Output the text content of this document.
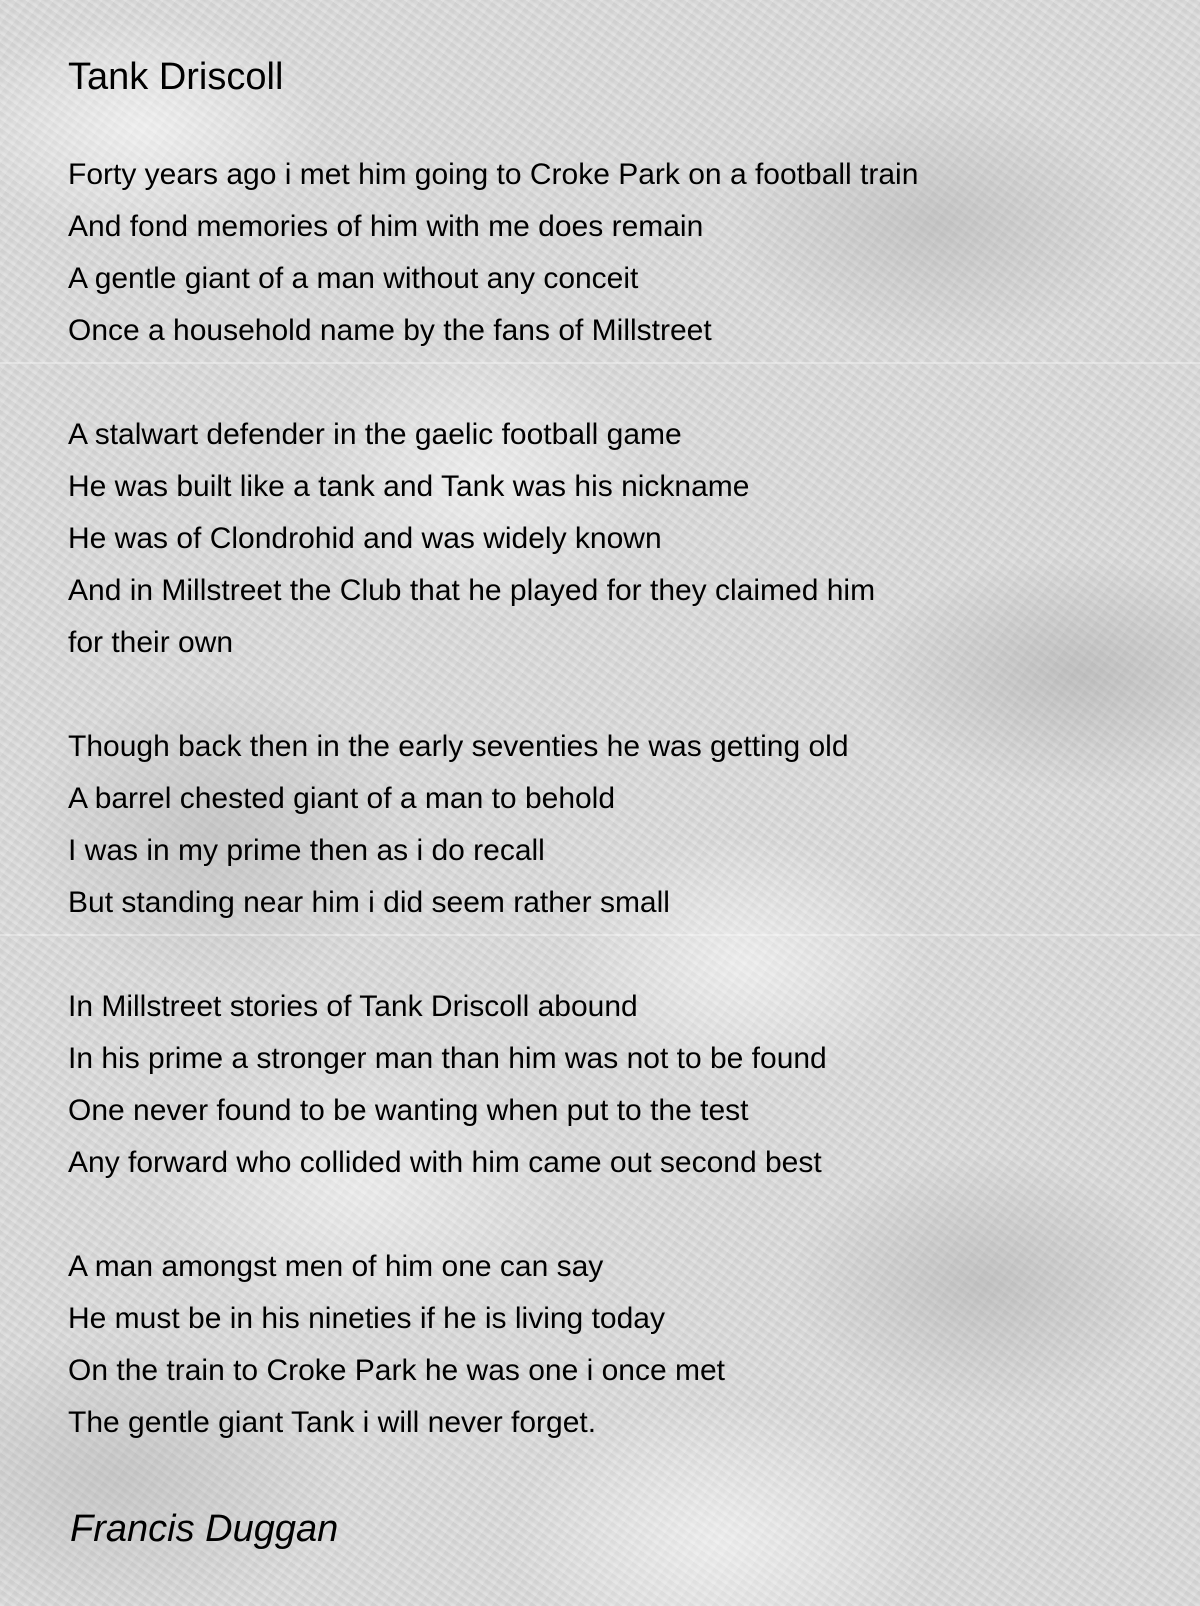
Tank Driscoll
Forty years ago i met him going to Croke Park on a football train
And fond memories of him with me does remain
A gentle giant of a man without any conceit
Once a household name by the fans of Millstreet
A stalwart defender in the gaelic football game
He was built like a tank and Tank was his nickname
He was of Clondrohid and was widely known
And in Millstreet the Club that he played for they claimed him
for their own
Though back then in the early seventies he was getting old
A barrel chested giant of a man to behold
I was in my prime then as i do recall
But standing near him i did seem rather small
In Millstreet stories of Tank Driscoll abound
In his prime a stronger man than him was not to be found
One never found to be wanting when put to the test
Any forward who collided with him came out second best
A man amongst men of him one can say
He must be in his nineties if he is living today
On the train to Croke Park he was one i once met
The gentle giant Tank i will never forget.
Francis Duggan
